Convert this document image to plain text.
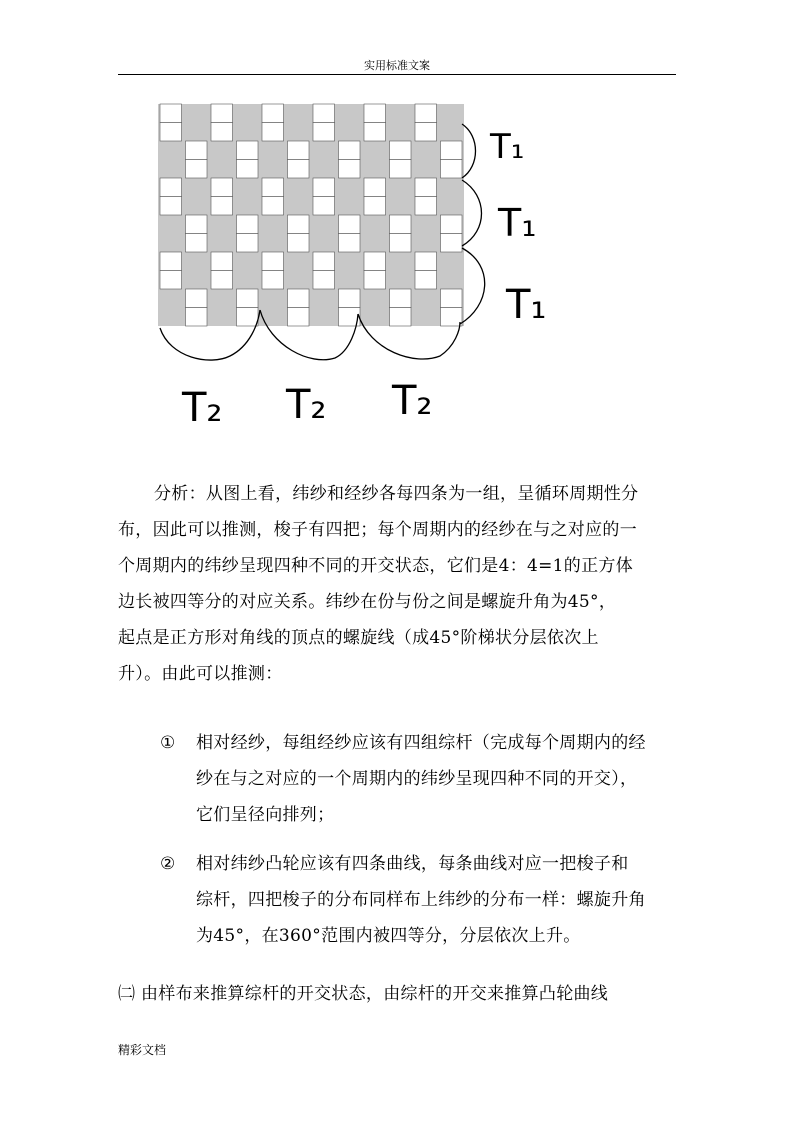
实用标准文案
T₁
T₁
T₁
T₂ T₂ T₂
分析：从图上看，纬纱和经纱各每四条为一组，呈循环周期性分
布，因此可以推测，梭子有四把；每个周期内的经纱在与之对应的一
个周期内的纬纱呈现四种不同的开交状态，它们是4：4=1的正方体
边长被四等分的对应关系。纬纱在份与份之间是螺旋升角为45°，
起点是正方形对角线的顶点的螺旋线（成45°阶梯状分层依次上
升）。由此可以推测：
① 相对经纱，每组经纱应该有四组综杆（完成每个周期内的经
纱在与之对应的一个周期内的纬纱呈现四种不同的开交），
它们呈径向排列；
② 相对纬纱凸轮应该有四条曲线，每条曲线对应一把梭子和
综杆，四把梭子的分布同样布上纬纱的分布一样：螺旋升角
为45°，在360°范围内被四等分，分层依次上升。
㈡ 由样布来推算综杆的开交状态，由综杆的开交来推算凸轮曲线
精彩文档
